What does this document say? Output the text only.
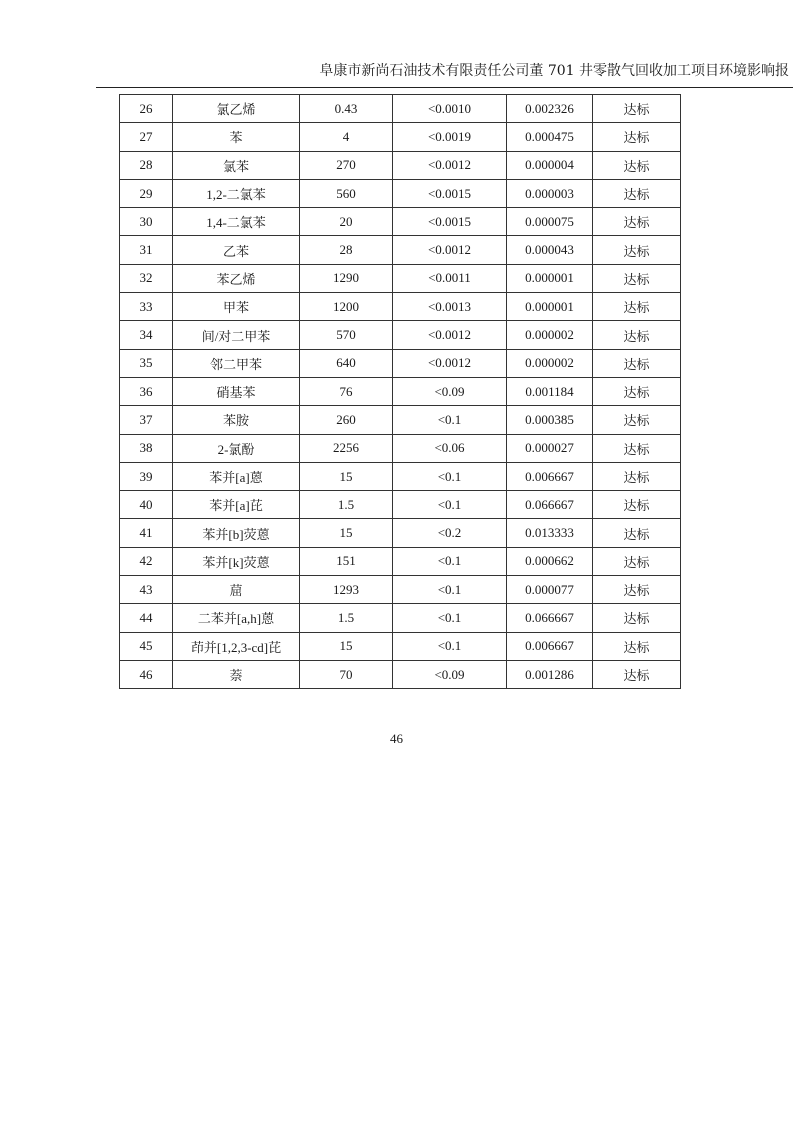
阜康市新尚石油技术有限责任公司董 701 井零散气回收加工项目环境影响报
26	氯乙烯	0.43	<0.0010	0.002326	达标
27	苯	4	<0.0019	0.000475	达标
28	氯苯	270	<0.0012	0.000004	达标
29	1,2-二氯苯	560	<0.0015	0.000003	达标
30	1,4-二氯苯	20	<0.0015	0.000075	达标
31	乙苯	28	<0.0012	0.000043	达标
32	苯乙烯	1290	<0.0011	0.000001	达标
33	甲苯	1200	<0.0013	0.000001	达标
34	间/对二甲苯	570	<0.0012	0.000002	达标
35	邻二甲苯	640	<0.0012	0.000002	达标
36	硝基苯	76	<0.09	0.001184	达标
37	苯胺	260	<0.1	0.000385	达标
38	2-氯酚	2256	<0.06	0.000027	达标
39	苯并[a]蒽	15	<0.1	0.006667	达标
40	苯并[a]芘	1.5	<0.1	0.066667	达标
41	苯并[b]荧蒽	15	<0.2	0.013333	达标
42	苯并[k]荧蒽	151	<0.1	0.000662	达标
43	䓛	1293	<0.1	0.000077	达标
44	二苯并[a,h]蒽	1.5	<0.1	0.066667	达标
45	茚并[1,2,3-cd]芘	15	<0.1	0.006667	达标
46	萘	70	<0.09	0.001286	达标
46
